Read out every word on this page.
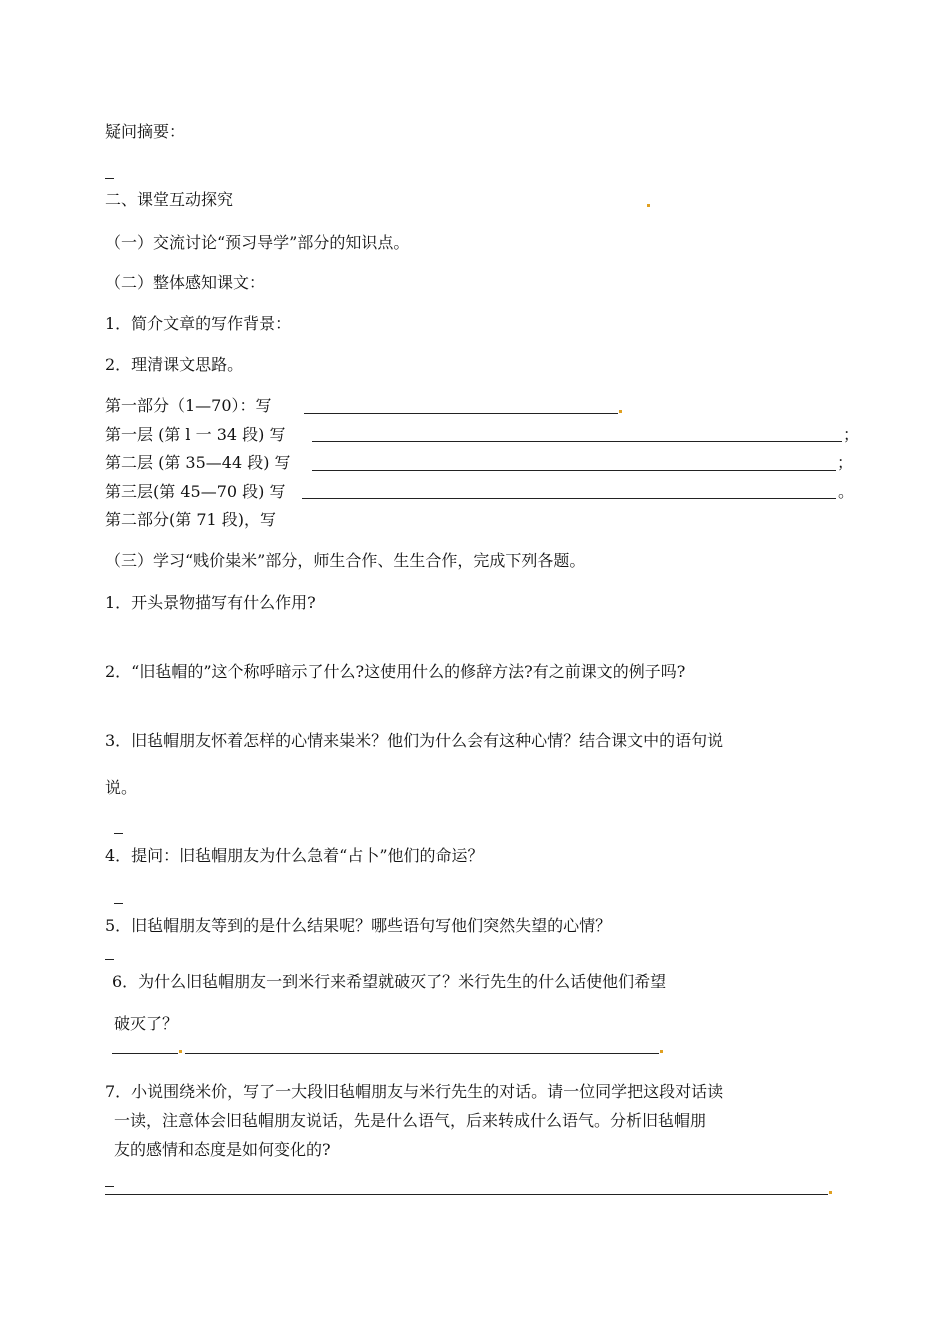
疑问摘要：
二、课堂互动探究
（一）交流讨论“预习导学”部分的知识点。
（二）整体感知课文：
1．简介文章的写作背景：
2．理清课文思路。
第一部分（1—70）：写
第一层 (第 l 一 34 段) 写	；
第二层 (第 35—44 段) 写	；
第三层(第 45—70 段) 写	。
第二部分(第 71 段)，写
（三）学习“贱价粜米”部分，师生合作、生生合作，完成下列各题。
1．开头景物描写有什么作用?
2．“旧毡帽的”这个称呼暗示了什么?这使用什么的修辞方法?有之前课文的例子吗?
3．旧毡帽朋友怀着怎样的心情来粜米？他们为什么会有这种心情？结合课文中的语句说
说。
4．提问：旧毡帽朋友为什么急着“占卜”他们的命运？
5．旧毡帽朋友等到的是什么结果呢？哪些语句写他们突然失望的心情？
6．为什么旧毡帽朋友一到米行来希望就破灭了？米行先生的什么话使他们希望
破灭了？
7．小说围绕米价，写了一大段旧毡帽朋友与米行先生的对话。请一位同学把这段对话读
一读，注意体会旧毡帽朋友说话，先是什么语气，后来转成什么语气。分析旧毡帽朋
友的感情和态度是如何变化的?
